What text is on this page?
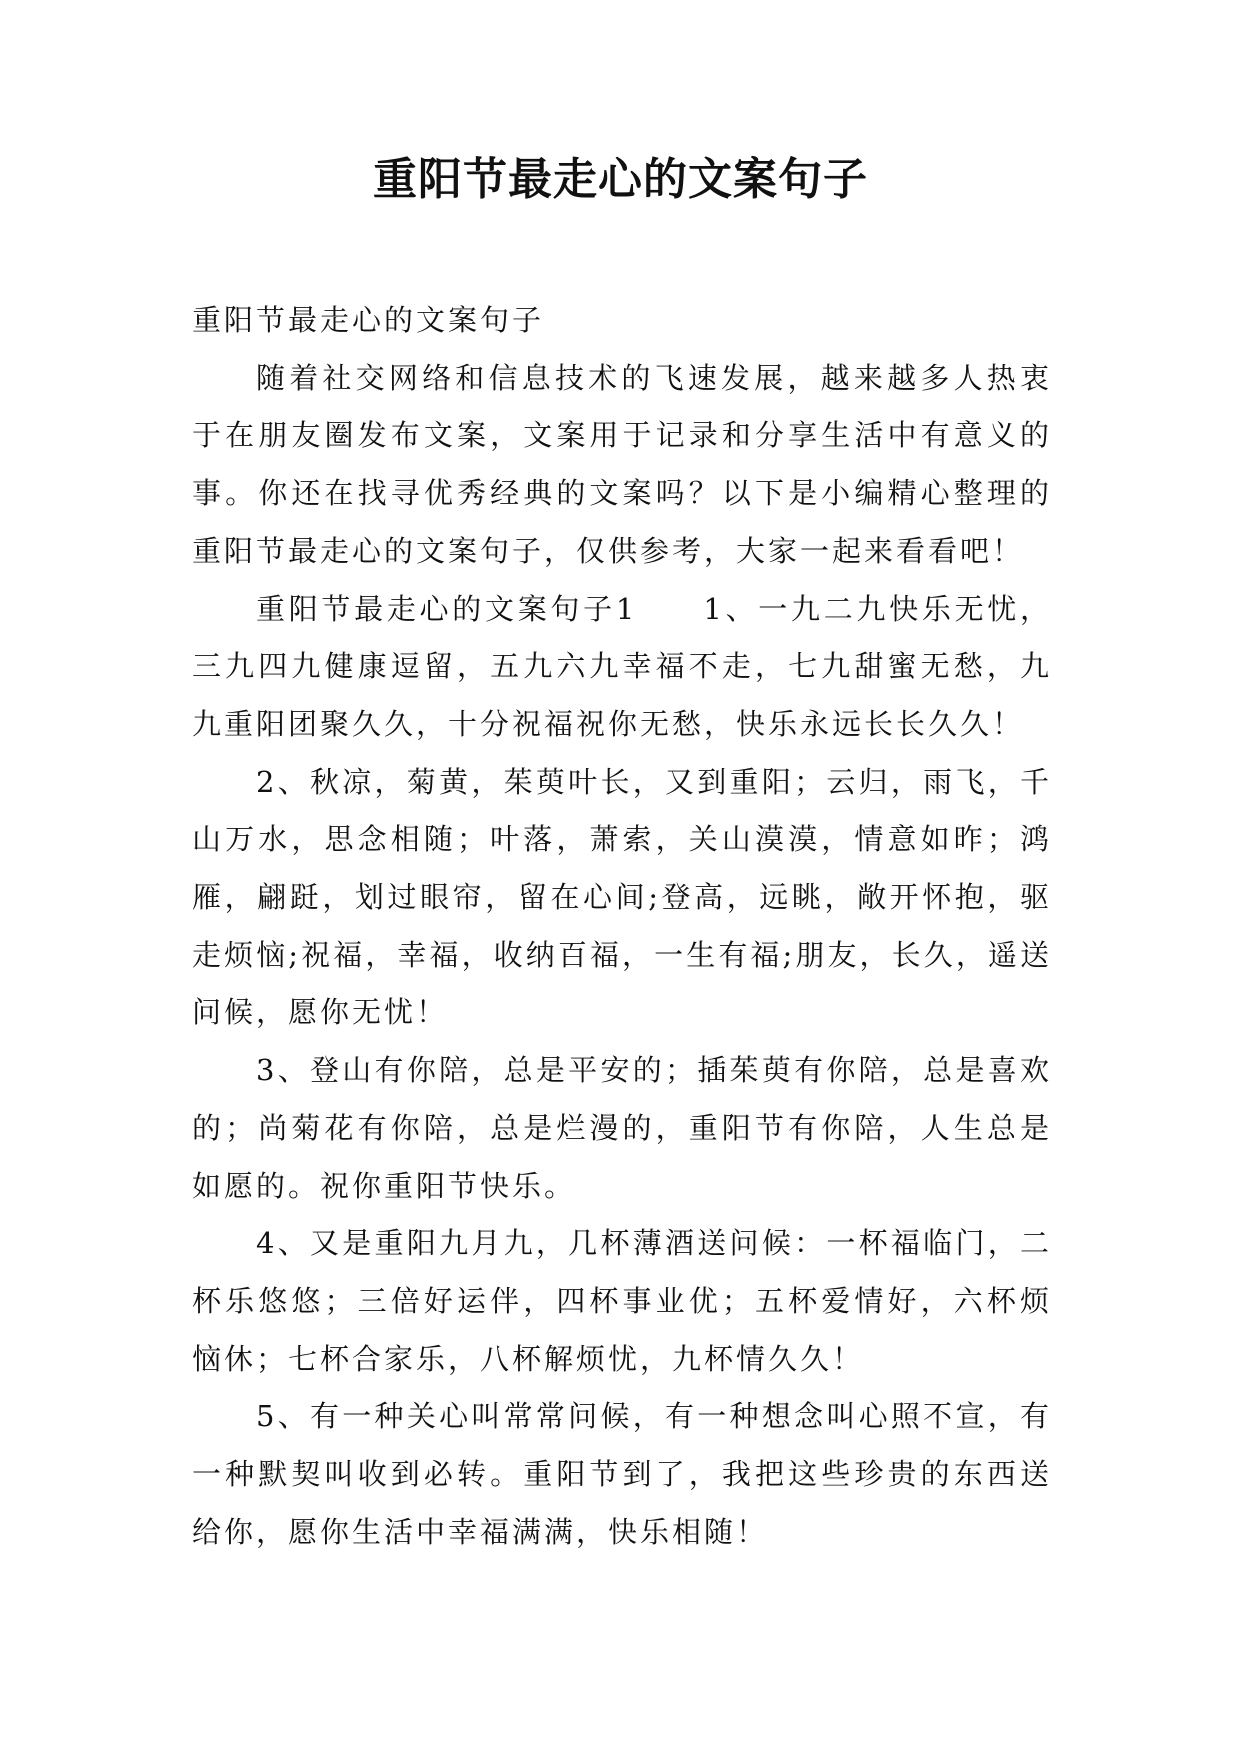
重阳节最走心的文案句子

重阳节最走心的文案句子

随着社交网络和信息技术的飞速发展，越来越多人热衷于在朋友圈发布文案，文案用于记录和分享生活中有意义的事。你还在找寻优秀经典的文案吗？以下是小编精心整理的重阳节最走心的文案句子，仅供参考，大家一起来看看吧！

重阳节最走心的文案句子1　　1、一九二九快乐无忧，三九四九健康逗留，五九六九幸福不走，七九甜蜜无愁，九九重阳团聚久久，十分祝福祝你无愁，快乐永远长长久久！

2、秋凉，菊黄，茱萸叶长，又到重阳；云归，雨飞，千山万水，思念相随；叶落，萧索，关山漠漠，情意如昨；鸿雁，翩跹，划过眼帘，留在心间;登高，远眺，敞开怀抱，驱走烦恼;祝福，幸福，收纳百福，一生有福;朋友，长久，遥送问候，愿你无忧！

3、登山有你陪，总是平安的；插茱萸有你陪，总是喜欢的；尚菊花有你陪，总是烂漫的，重阳节有你陪，人生总是如愿的。祝你重阳节快乐。

4、又是重阳九月九，几杯薄酒送问候：一杯福临门，二杯乐悠悠；三倍好运伴，四杯事业优；五杯爱情好，六杯烦恼休；七杯合家乐，八杯解烦忧，九杯情久久！

5、有一种关心叫常常问候，有一种想念叫心照不宣，有一种默契叫收到必转。重阳节到了，我把这些珍贵的东西送给你，愿你生活中幸福满满，快乐相随！
